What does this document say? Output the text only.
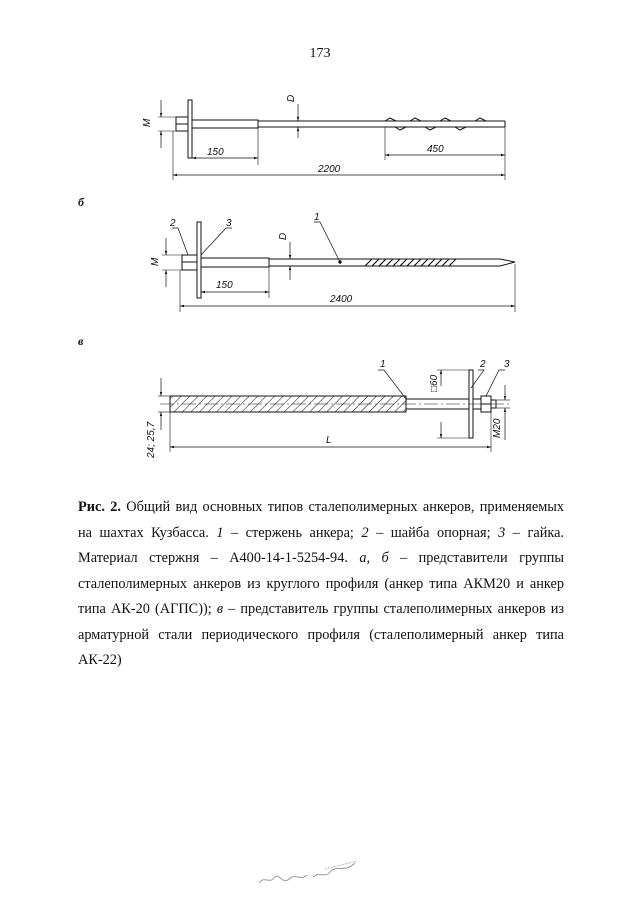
173
M
D
150	450
2200
б
2	3
1
M
D
150
2400
в
1	2 3
□60
M20
24; 25,7	L
Рис. 2. Общий вид основных типов сталеполимерных анкеров, применяемых на шахтах Кузбасса. 1 – стержень анкера; 2 – шайба опорная; 3 – гайка. Материал стержня – А400-14-1-5254-94. а, б – представители группы сталеполимерных анкеров из круглого профиля (анкер типа АКМ20 и анкер типа АК-20 (АГПС)); в – представитель группы сталеполимерных анкеров из арматурной стали периодического профиля (сталеполимерный анкер типа АК-22)
